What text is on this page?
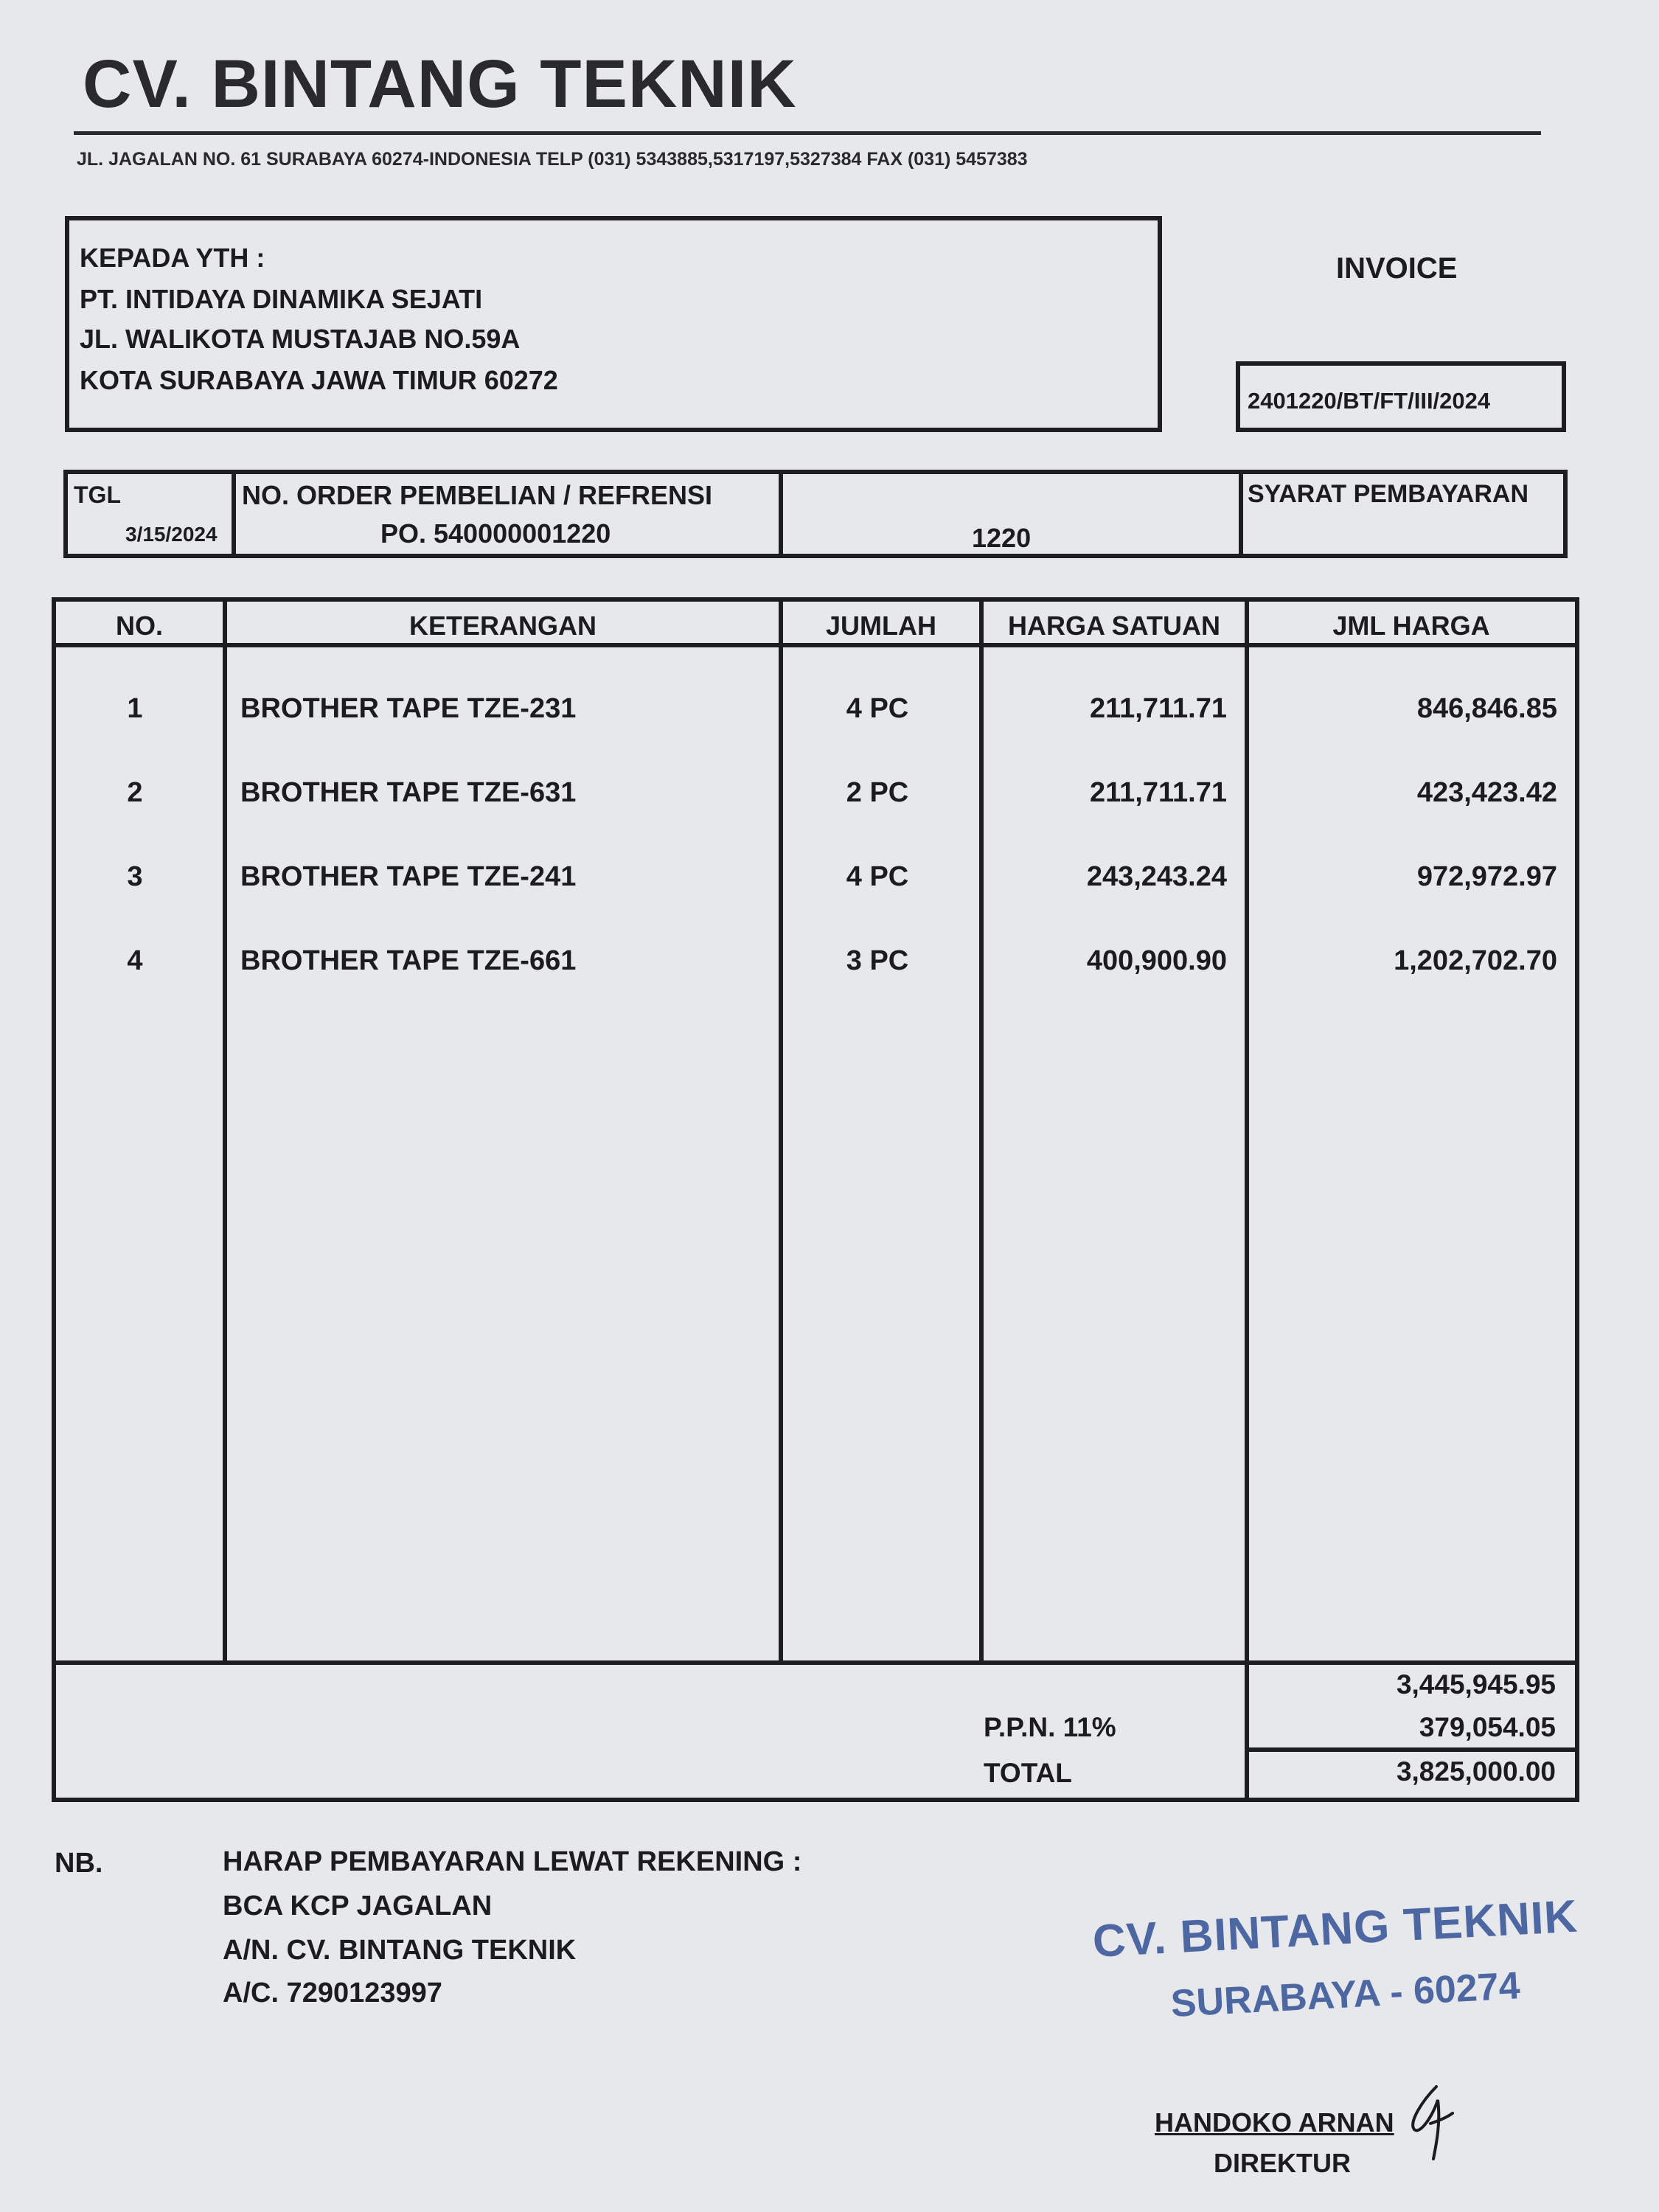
CV. BINTANG TEKNIK
JL. JAGALAN NO. 61 SURABAYA 60274-INDONESIA TELP (031) 5343885,5317197,5327384 FAX (031) 5457383
KEPADA YTH :
PT. INTIDAYA DINAMIKA SEJATI
JL. WALIKOTA MUSTAJAB NO.59A
KOTA SURABAYA JAWA TIMUR 60272
INVOICE
2401220/BT/FT/III/2024
TGL
3/15/2024
NO. ORDER PEMBELIAN / REFRENSI
PO. 540000001220	1220
SYARAT PEMBAYARAN
NO.	KETERANGAN	JUMLAH	HARGA SATUAN	JML HARGA
1	BROTHER TAPE TZE-231	4 PC	211,711.71	846,846.85
2	BROTHER TAPE TZE-631	2 PC	211,711.71	423,423.42
3	BROTHER TAPE TZE-241	4 PC	243,243.24	972,972.97
4	BROTHER TAPE TZE-661	3 PC	400,900.90	1,202,702.70
3,445,945.95
P.P.N. 11%	379,054.05
TOTAL	3,825,000.00
NB.	HARAP PEMBAYARAN LEWAT REKENING :
BCA KCP JAGALAN
A/N. CV. BINTANG TEKNIK
A/C. 7290123997
CV. BINTANG TEKNIK
SURABAYA - 60274
HANDOKO ARNAN
DIREKTUR
